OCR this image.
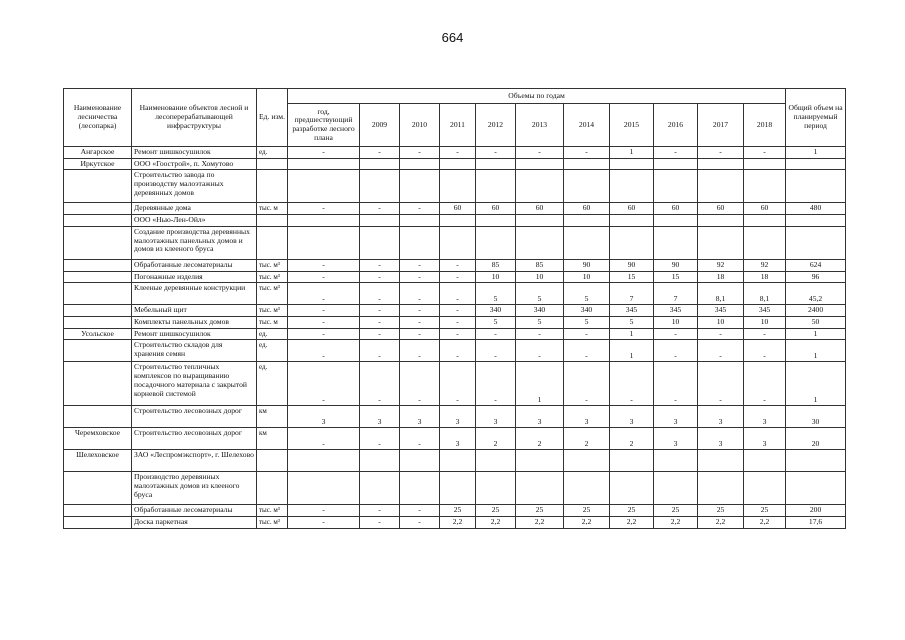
664
Наименование лесничества (лесопарка)	Наименование объектов лесной и лесоперерабатывающей инфраструктуры	Ед. изм.	Объемы по годам											Общий объем на планируемый период
			год, предшествующий разработке лесного плана	2009	2010	2011	2012	2013	2014	2015	2016	2017	2018	
Ангарское	Ремонт шишкосушилок	ед.	-	-	-	-	-	-	-	1	-	-	-	1
Иркутское	ООО «Гоострой», п. Хомутово													
	Строительство завода по производству малоэтажных деревянных домов													
	Деревянные дома	тыс. м	-	-	-	60	60	60	60	60	60	60	60	480
	ООО «Нью-Лен-Ойл»													
	Создание производства деревянных малоэтажных панельных домов и домов из клееного бруса													
	Обработанные лесоматериалы	тыс. м³	-	-	-	-	85	85	90	90	90	92	92	624
	Погонажные изделия	тыс. м³	-	-	-	-	10	10	10	15	15	18	18	96
	Клееные деревянные конструкции	тыс. м³	-	-	-	-	5	5	5	7	7	8,1	8,1	45,2
	Мебельный щит	тыс. м³	-	-	-	-	340	340	340	345	345	345	345	2400
	Комплекты панельных домов	тыс. м	-	-	-	-	5	5	5	5	10	10	10	50
Усольское	Ремонт шишкосушилок	ед.	-	-	-	-	-	-	-	1	-	-	-	1
	Строительство складов для хранения семян	ед.	-	-	-	-	-	-	-	1	-	-	-	1
	Строительство тепличных комплексов по выращиванию посадочного материала с закрытой корневой системой	ед.	-	-	-	-	-	1	-	-	-	-	-	1
	Строительство лесовозных дорог	км	3	3	3	3	3	3	3	3	3	3	3	30
Черемховское	Строительство лесовозных дорог	км	-	-	-	3	2	2	2	2	3	3	3	20
Шелеховское	ЗАО «Леспромэкспорт», г. Шелехово													
	Производство деревянных малоэтажных домов из клееного бруса													
	Обработанные лесоматериалы	тыс. м³	-	-	-	25	25	25	25	25	25	25	25	200
	Доска паркетная	тыс. м³	-	-	-	2,2	2,2	2,2	2,2	2,2	2,2	2,2	2,2	17,6
